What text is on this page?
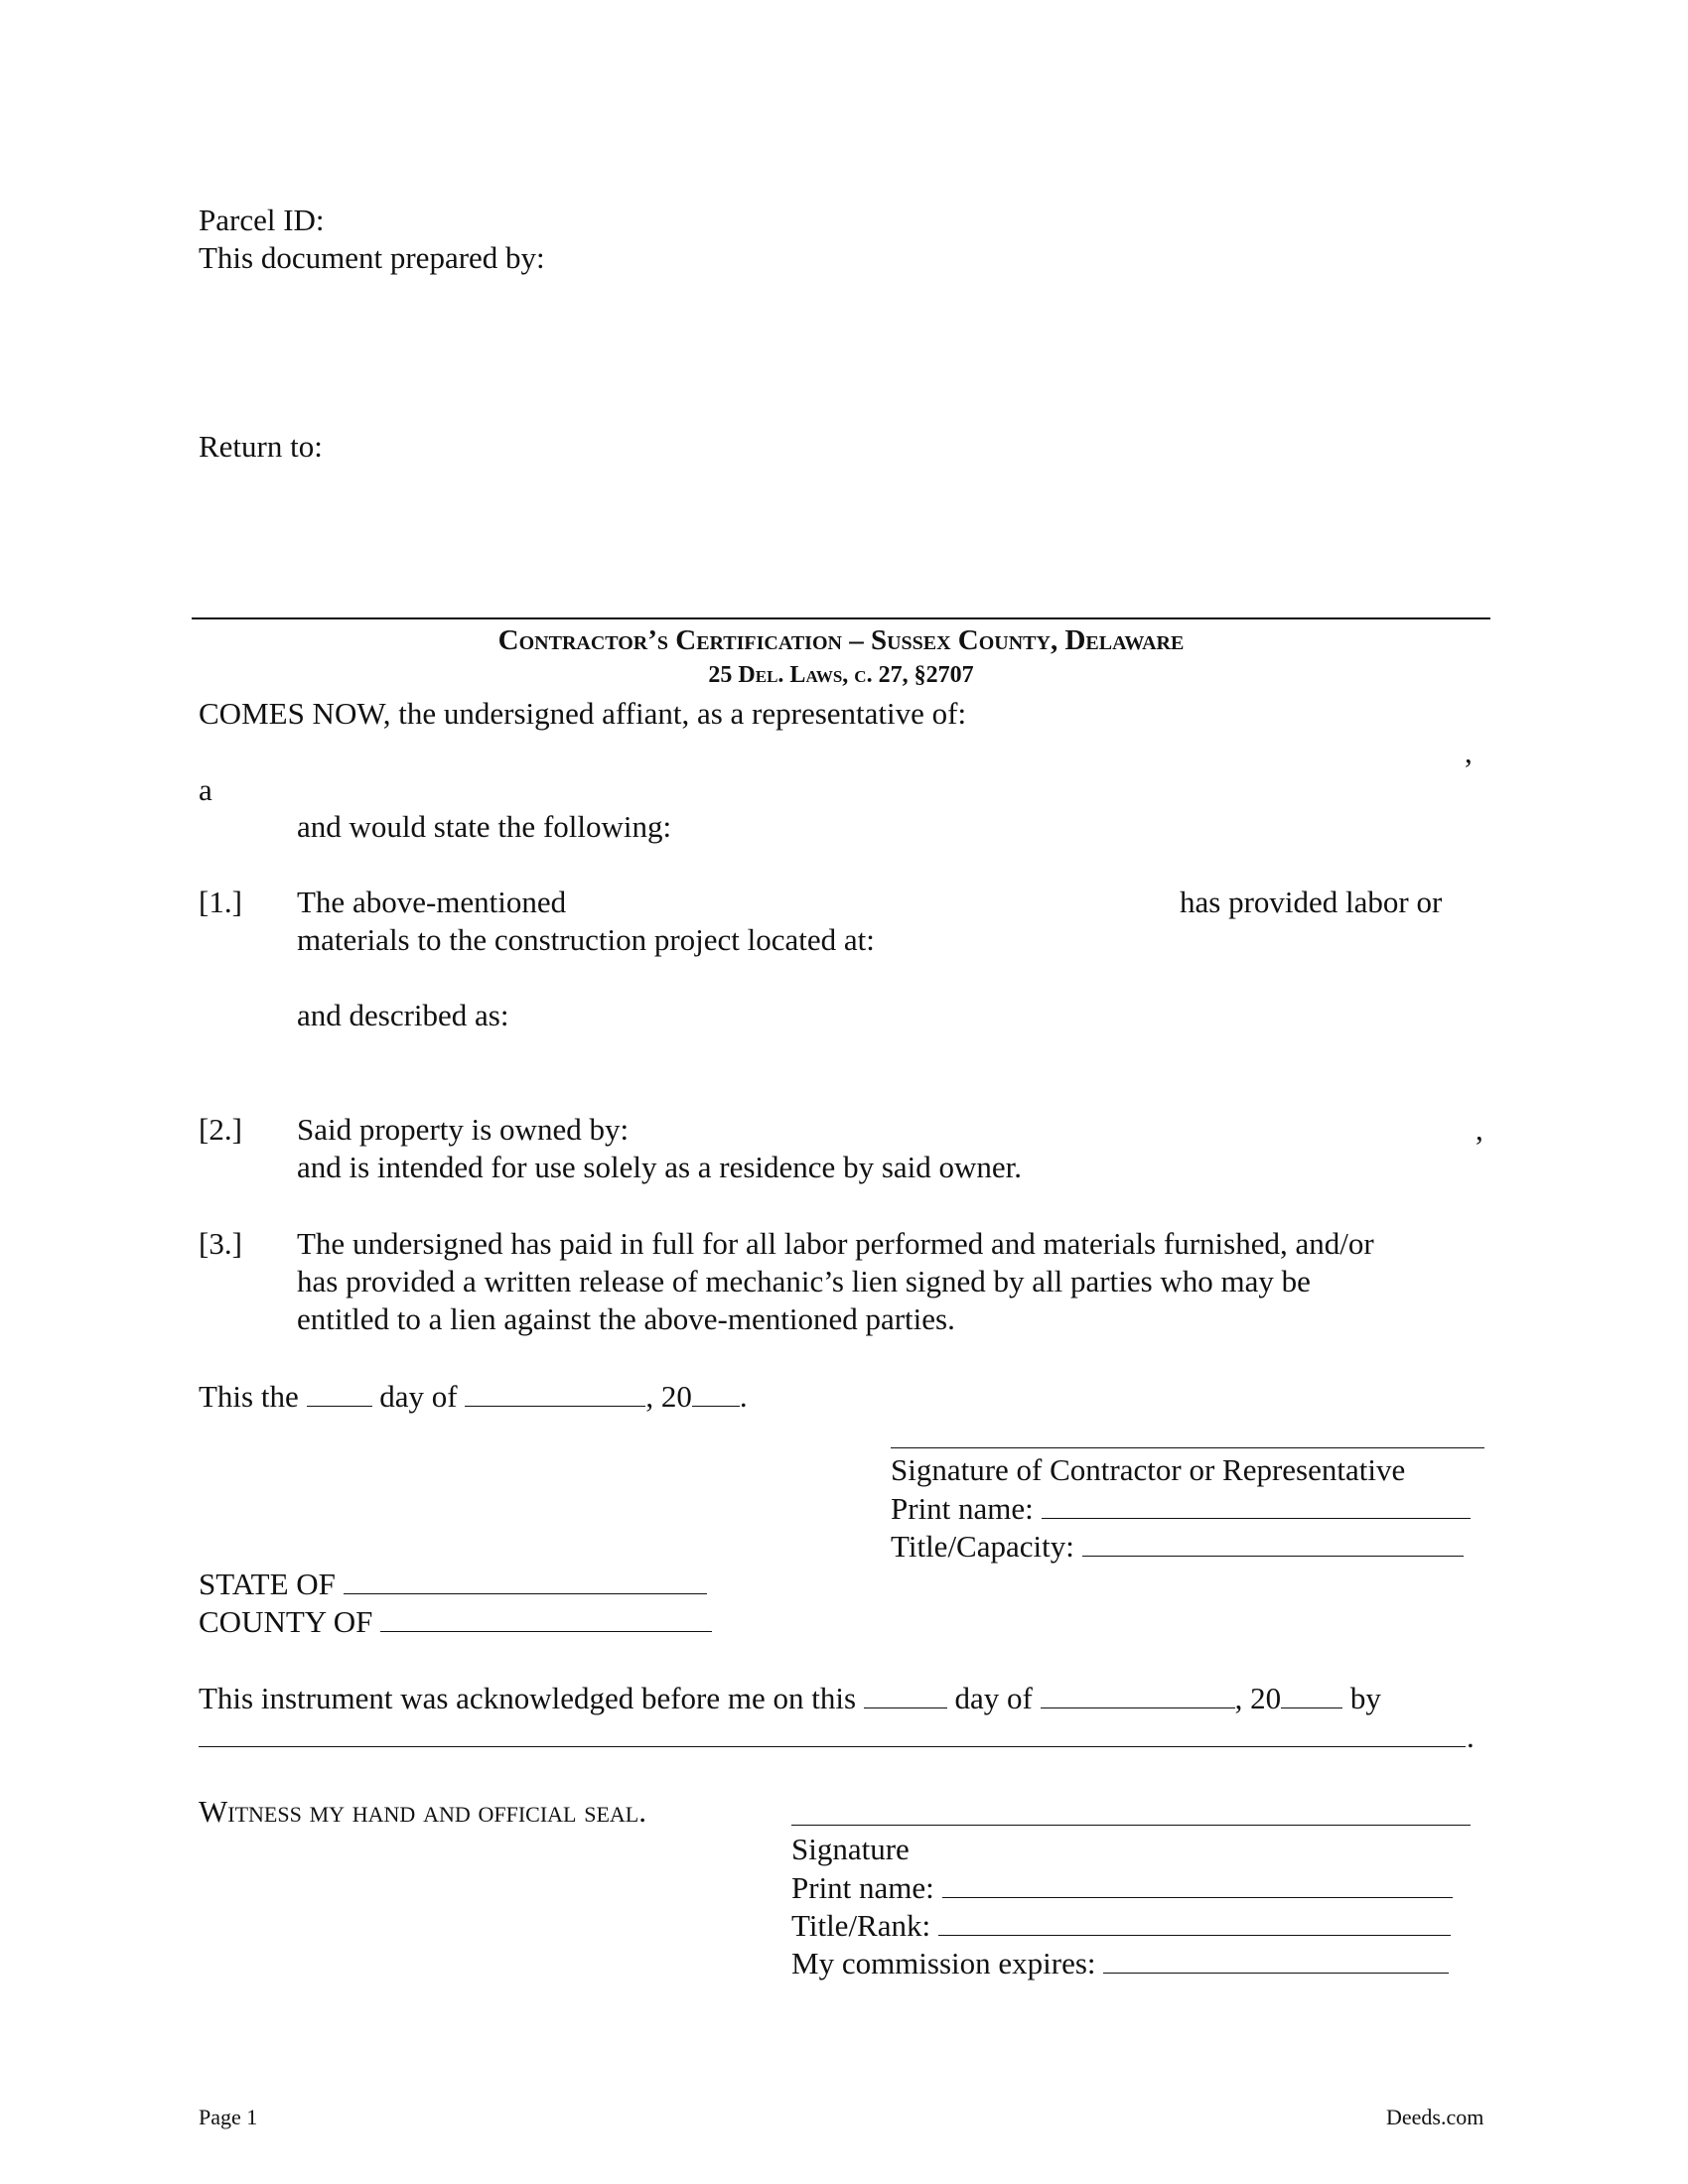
Parcel ID:
This document prepared by:
Return to:
Contractor’s Certification – Sussex County, Delaware
25 Del. Laws, c. 27, §2707
COMES NOW, the undersigned affiant, as a representative of:
,
a
and would state the following:
[1.] The above-mentioned	has provided labor or
materials to the construction project located at:
and described as:
[2.] Said property is owned by:	,
and is intended for use solely as a residence by said owner.
[3.] The undersigned has paid in full for all labor performed and materials furnished, and/or
has provided a written release of mechanic’s lien signed by all parties who may be
entitled to a lien against the above-mentioned parties.
This the	day of	, 20 .
Signature of Contractor or Representative
Print name:
Title/Capacity:
STATE OF
COUNTY OF
This instrument was acknowledged before me on this	day of	, 20 by
.
Witness my hand and official seal.
Signature
Print name:
Title/Rank:
My commission expires:
Page 1	Deeds.com
